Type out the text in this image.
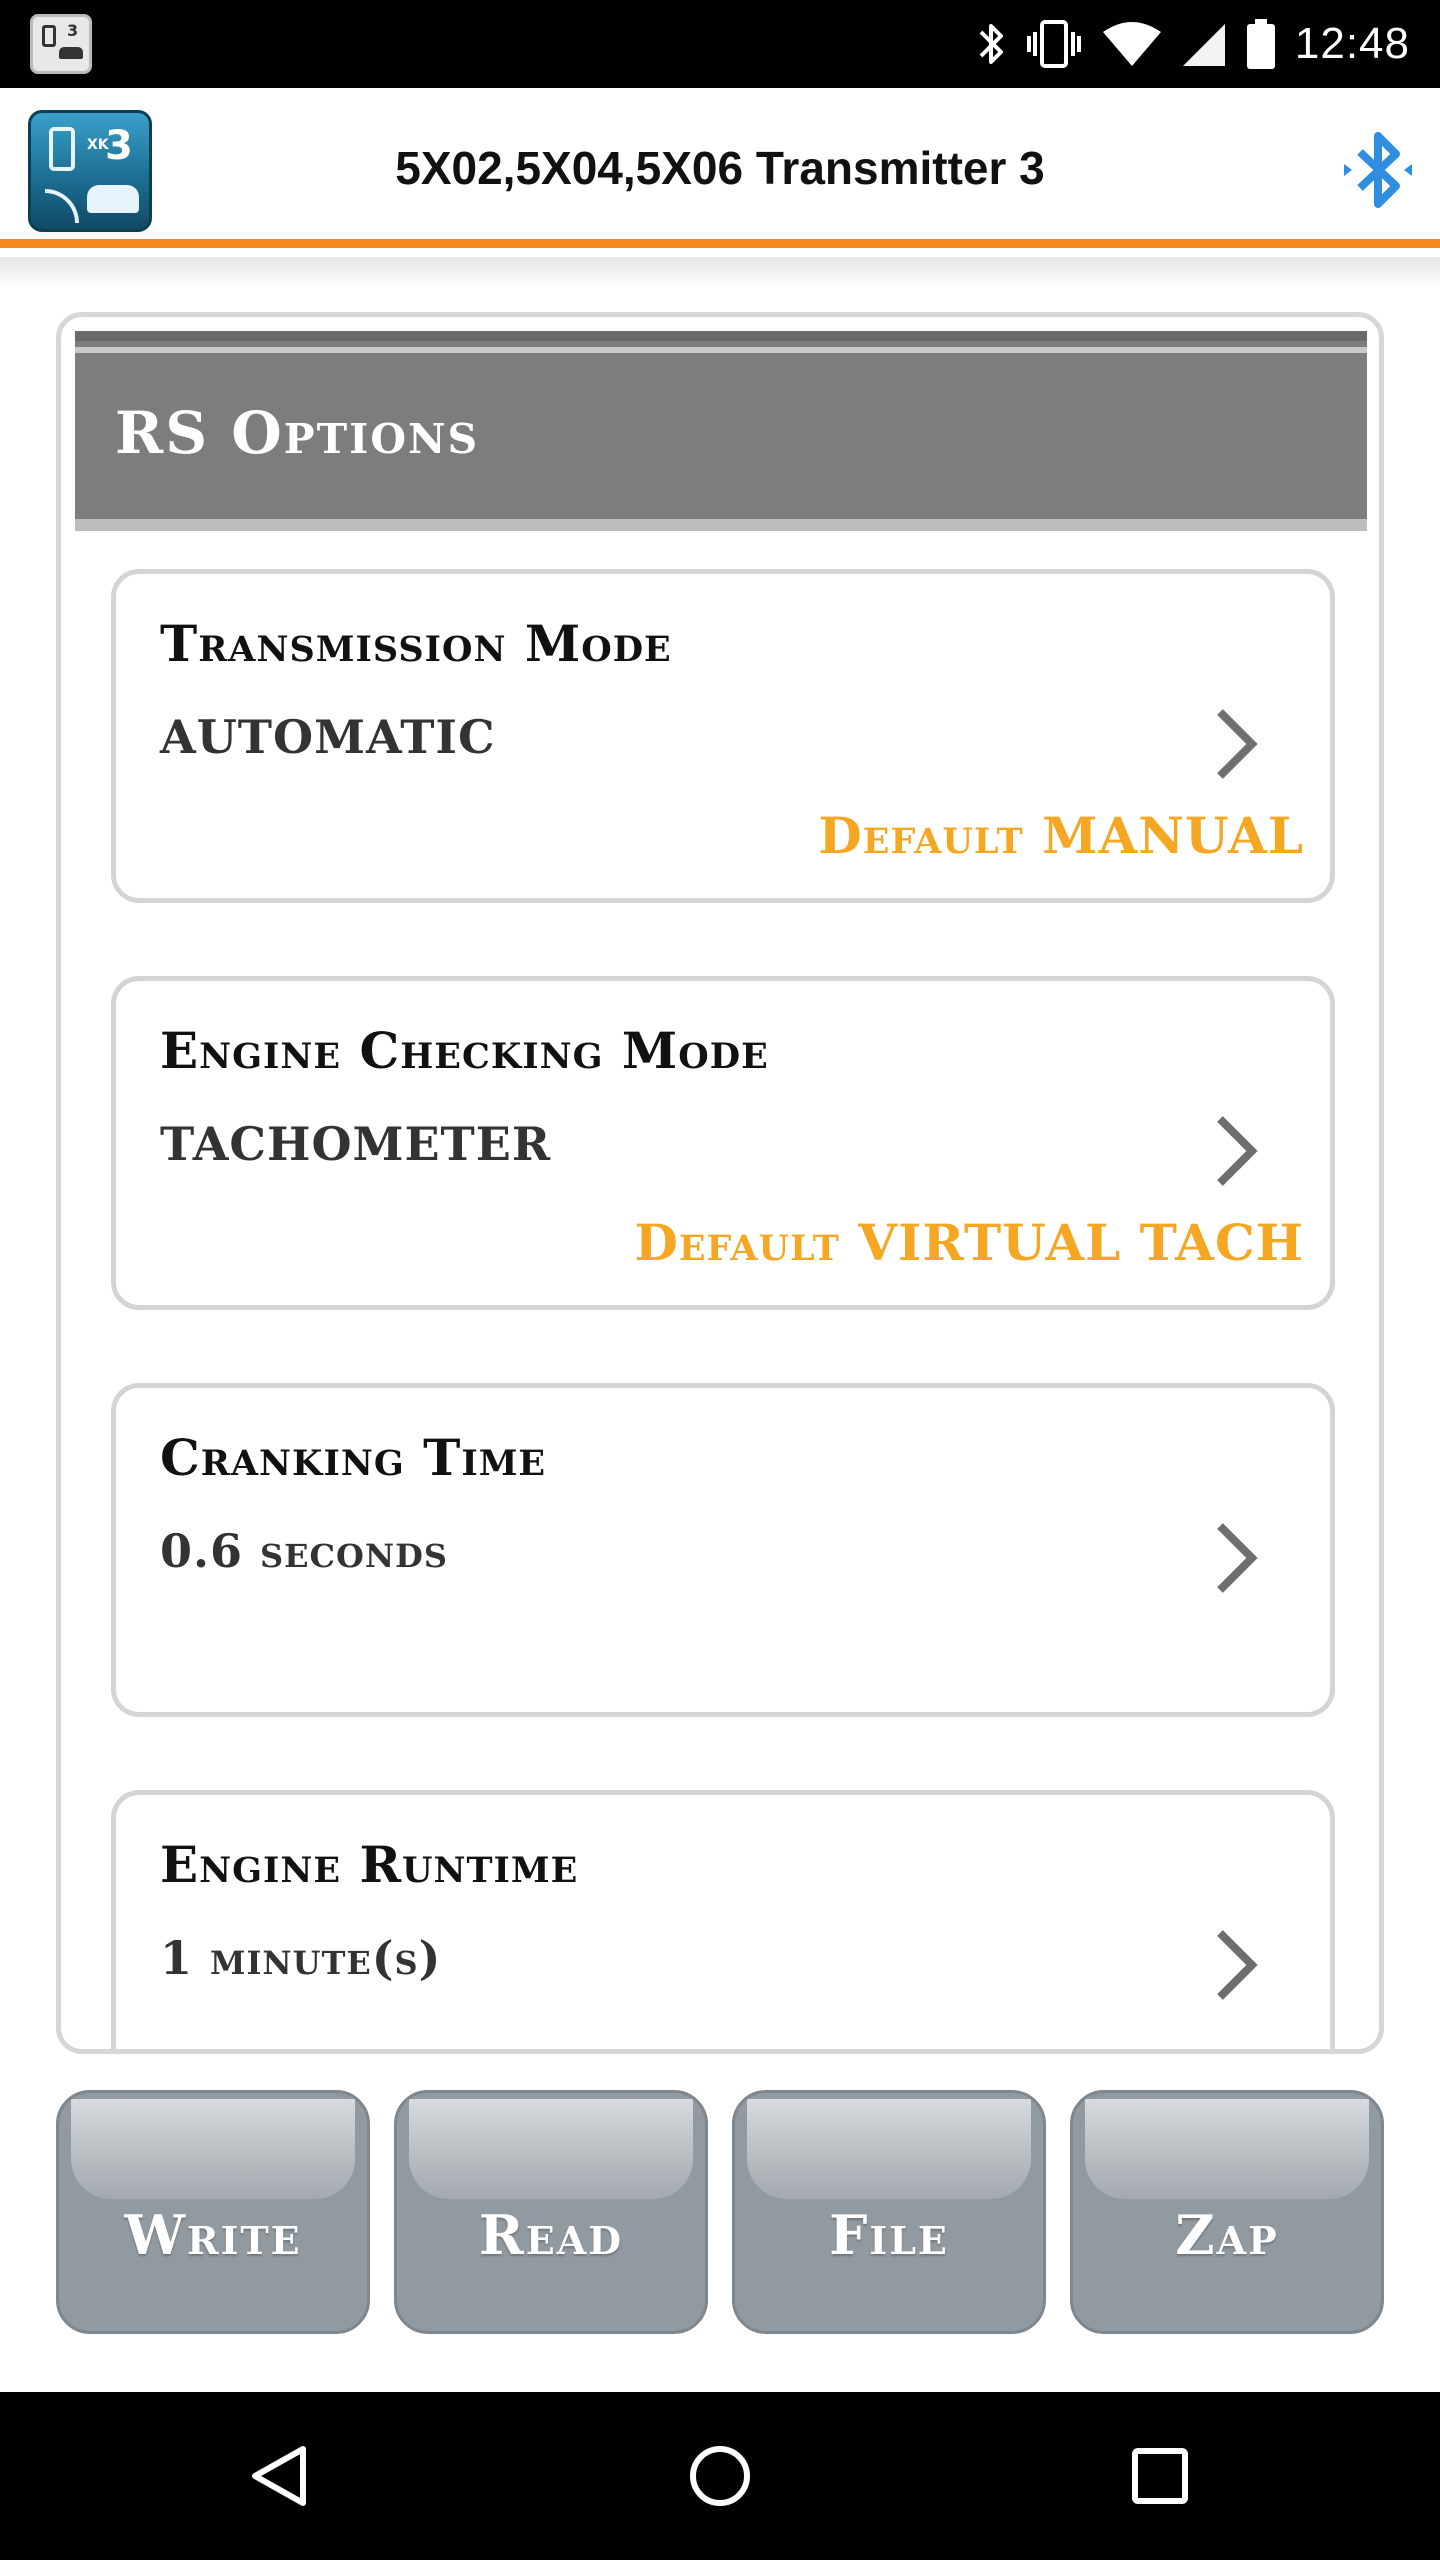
3	12:48
XK
3	5X02,5X04,5X06 Transmitter 3
RS Options
Transmission Mode
AUTOMATIC
Default MANUAL
Engine Checking Mode
TACHOMETER
Default VIRTUAL TACH
Cranking Time
0.6 seconds
Engine Runtime
1 minute(s)
Write	Read	File	Zap
